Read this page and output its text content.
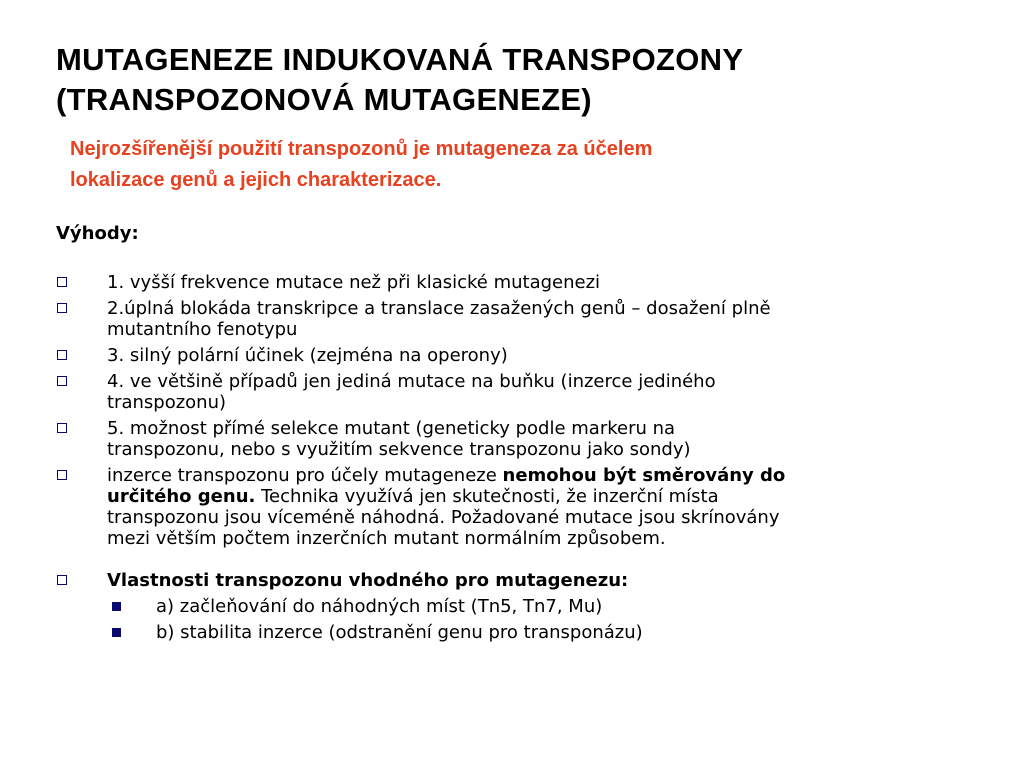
MUTAGENEZE INDUKOVANÁ TRANSPOZONY
(TRANSPOZONOVÁ MUTAGENEZE)
Nejrozšířenější použití transpozonů je mutageneza za účelem
lokalizace genů a jejich charakterizace.
Výhody:
1. vyšší frekvence mutace než při klasické mutagenezi
2.úplná blokáda transkripce a translace zasažených genů – dosažení plně
mutantního fenotypu
3. silný polární účinek (zejména na operony)
4. ve většině případů jen jediná mutace na buňku (inzerce jediného
transpozonu)
5. možnost přímé selekce mutant (geneticky podle markeru na
transpozonu, nebo s využitím sekvence transpozonu jako sondy)
inzerce transpozonu pro účely mutageneze nemohou být směrovány do
určitého genu. Technika využívá jen skutečnosti, že inzerční místa
transpozonu jsou víceméně náhodná. Požadované mutace jsou skrínovány
mezi větším počtem inzerčních mutant normálním způsobem.
Vlastnosti transpozonu vhodného pro mutagenezu:
a) začleňování do náhodných míst (Tn5, Tn7, Mu)
b) stabilita inzerce (odstranění genu pro transponázu)
